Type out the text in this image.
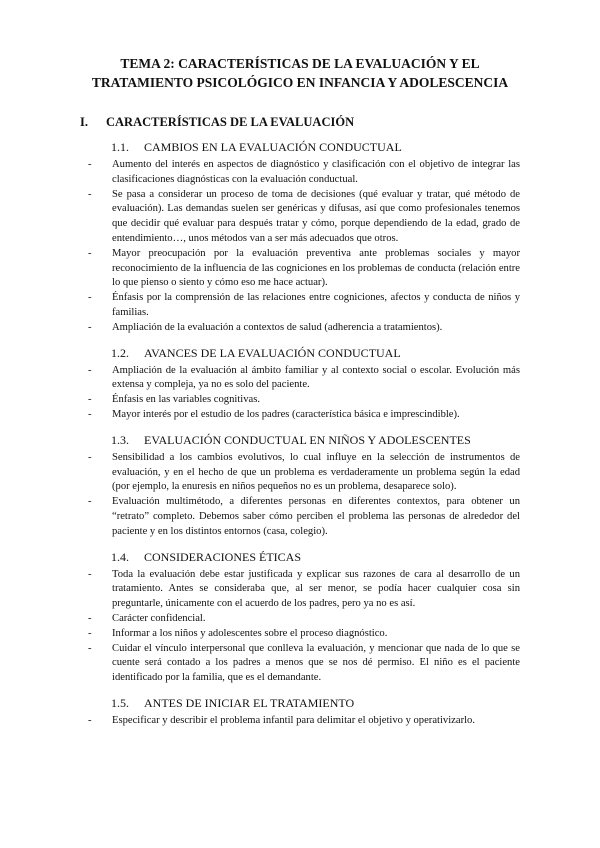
TEMA 2: CARACTERÍSTICAS DE LA EVALUACIÓN Y EL
TRATAMIENTO PSICOLÓGICO EN INFANCIA Y ADOLESCENCIA
I.	CARACTERÍSTICAS DE LA EVALUACIÓN
1.1.	CAMBIOS EN LA EVALUACIÓN CONDUCTUAL
- Aumento del interés en aspectos de diagnóstico y clasificación con el objetivo de integrar las clasificaciones diagnósticas con la evaluación conductual.
- Se pasa a considerar un proceso de toma de decisiones (qué evaluar y tratar, qué método de evaluación). Las demandas suelen ser genéricas y difusas, así que como profesionales tenemos que decidir qué evaluar para después tratar y cómo, porque dependiendo de la edad, grado de entendimiento…, unos métodos van a ser más adecuados que otros.
- Mayor preocupación por la evaluación preventiva ante problemas sociales y mayor reconocimiento de la influencia de las cogniciones en los problemas de conducta (relación entre lo que pienso o siento y cómo eso me hace actuar).
- Énfasis por la comprensión de las relaciones entre cogniciones, afectos y conducta de niños y familias.
- Ampliación de la evaluación a contextos de salud (adherencia a tratamientos).
1.2.	AVANCES DE LA EVALUACIÓN CONDUCTUAL
- Ampliación de la evaluación al ámbito familiar y al contexto social o escolar. Evolución más extensa y compleja, ya no es solo del paciente.
- Énfasis en las variables cognitivas.
- Mayor interés por el estudio de los padres (característica básica e imprescindible).
1.3.	EVALUACIÓN CONDUCTUAL EN NIÑOS Y ADOLESCENTES
- Sensibilidad a los cambios evolutivos, lo cual influye en la selección de instrumentos de evaluación, y en el hecho de que un problema es verdaderamente un problema según la edad (por ejemplo, la enuresis en niños pequeños no es un problema, desaparece solo).
- Evaluación multimétodo, a diferentes personas en diferentes contextos, para obtener un “retrato” completo. Debemos saber cómo perciben el problema las personas de alrededor del paciente y en los distintos entornos (casa, colegio).
1.4.	CONSIDERACIONES ÉTICAS
- Toda la evaluación debe estar justificada y explicar sus razones de cara al desarrollo de un tratamiento. Antes se consideraba que, al ser menor, se podía hacer cualquier cosa sin preguntarle, únicamente con el acuerdo de los padres, pero ya no es así.
- Carácter confidencial.
- Informar a los niños y adolescentes sobre el proceso diagnóstico.
- Cuidar el vínculo interpersonal que conlleva la evaluación, y mencionar que nada de lo que se cuente será contado a los padres a menos que se nos dé permiso. El niño es el paciente identificado por la familia, que es el demandante.
1.5.	ANTES DE INICIAR EL TRATAMIENTO
- Especificar y describir el problema infantil para delimitar el objetivo y operativizarlo.
